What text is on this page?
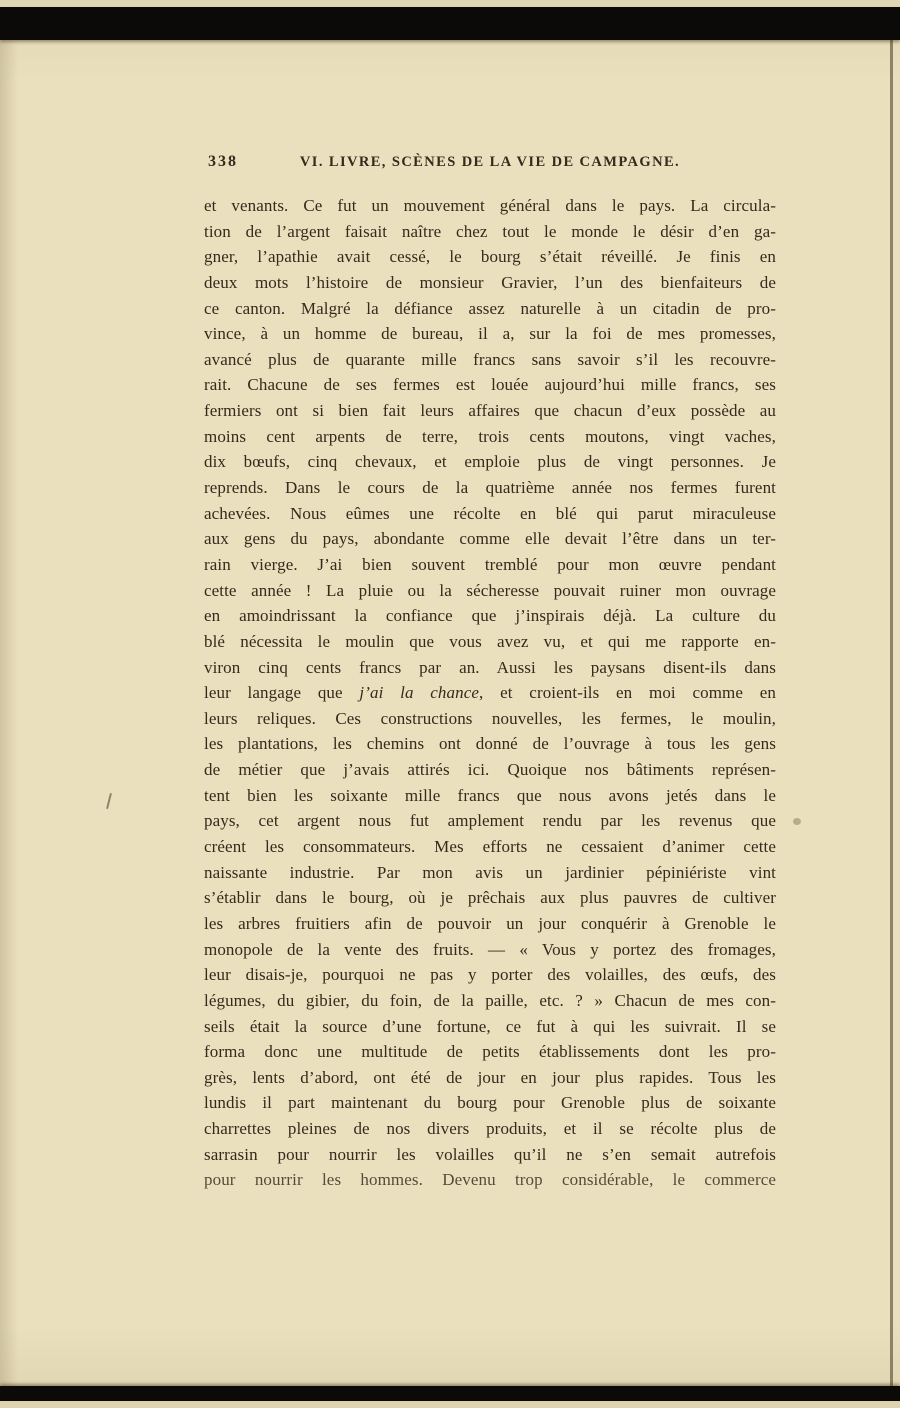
338	VI. LIVRE, SCÈNES DE LA VIE DE CAMPAGNE.
et venants. Ce fut un mouvement général dans le pays. La circula-
tion de l’argent faisait naître chez tout le monde le désir d’en ga-
gner, l’apathie avait cessé, le bourg s’était réveillé. Je finis en
deux mots l’histoire de monsieur Gravier, l’un des bienfaiteurs de
ce canton. Malgré la défiance assez naturelle à un citadin de pro-
vince, à un homme de bureau, il a, sur la foi de mes promesses,
avancé plus de quarante mille francs sans savoir s’il les recouvre-
rait. Chacune de ses fermes est louée aujourd’hui mille francs, ses
fermiers ont si bien fait leurs affaires que chacun d’eux possède au
moins cent arpents de terre, trois cents moutons, vingt vaches,
dix bœufs, cinq chevaux, et emploie plus de vingt personnes. Je
reprends. Dans le cours de la quatrième année nos fermes furent
achevées. Nous eûmes une récolte en blé qui parut miraculeuse
aux gens du pays, abondante comme elle devait l’être dans un ter-
rain vierge. J’ai bien souvent tremblé pour mon œuvre pendant
cette année ! La pluie ou la sécheresse pouvait ruiner mon ouvrage
en amoindrissant la confiance que j’inspirais déjà. La culture du
blé nécessita le moulin que vous avez vu, et qui me rapporte en-
viron cinq cents francs par an. Aussi les paysans disent-ils dans
leur langage que j’ai la chance, et croient-ils en moi comme en
leurs reliques. Ces constructions nouvelles, les fermes, le moulin,
les plantations, les chemins ont donné de l’ouvrage à tous les gens
de métier que j’avais attirés ici. Quoique nos bâtiments représen-
tent bien les soixante mille francs que nous avons jetés dans le
pays, cet argent nous fut amplement rendu par les revenus que
créent les consommateurs. Mes efforts ne cessaient d’animer cette
naissante industrie. Par mon avis un jardinier pépiniériste vint
s’établir dans le bourg, où je prêchais aux plus pauvres de cultiver
les arbres fruitiers afin de pouvoir un jour conquérir à Grenoble le
monopole de la vente des fruits. — « Vous y portez des fromages,
leur disais-je, pourquoi ne pas y porter des volailles, des œufs, des
légumes, du gibier, du foin, de la paille, etc. ? » Chacun de mes con-
seils était la source d’une fortune, ce fut à qui les suivrait. Il se
forma donc une multitude de petits établissements dont les pro-
grès, lents d’abord, ont été de jour en jour plus rapides. Tous les
lundis il part maintenant du bourg pour Grenoble plus de soixante
charrettes pleines de nos divers produits, et il se récolte plus de
sarrasin pour nourrir les volailles qu’il ne s’en semait autrefois
pour nourrir les hommes. Devenu trop considérable, le commerce
